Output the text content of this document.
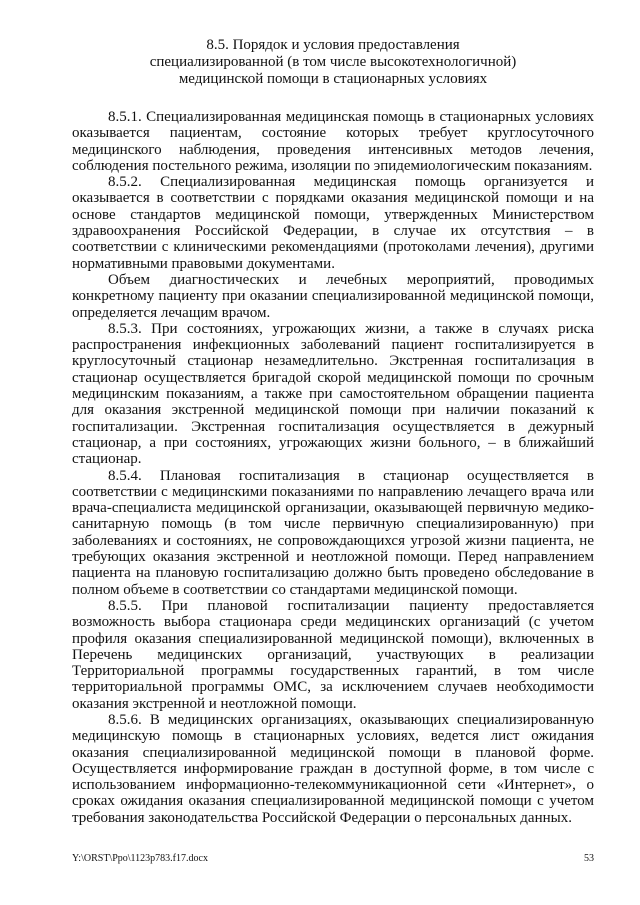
8.5. Порядок и условия предоставления
специализированной (в том числе высокотехнологичной)
медицинской помощи в стационарных условиях

8.5.1. Специализированная медицинская помощь в стационарных условиях оказывается пациентам, состояние которых требует круглосуточного медицинского наблюдения, проведения интенсивных методов лечения, соблюдения постельного режима, изоляции по эпидемиологическим показаниям.

8.5.2. Специализированная медицинская помощь организуется и оказывается в соответствии с порядками оказания медицинской помощи и на основе стандартов медицинской помощи, утвержденных Министерством здравоохранения Российской Федерации, в случае их отсутствия – в соответствии с клиническими рекомендациями (протоколами лечения), другими нормативными правовыми документами.

Объем диагностических и лечебных мероприятий, проводимых конкретному пациенту при оказании специализированной медицинской помощи, определяется лечащим врачом.

8.5.3. При состояниях, угрожающих жизни, а также в случаях риска распространения инфекционных заболеваний пациент госпитализируется в круглосуточный стационар незамедлительно. Экстренная госпитализация в стационар осуществляется бригадой скорой медицинской помощи по срочным медицинским показаниям, а также при самостоятельном обращении пациента для оказания экстренной медицинской помощи при наличии показаний к госпитализации. Экстренная госпитализация осуществляется в дежурный стационар, а при состояниях, угрожающих жизни больного, – в ближайший стационар.

8.5.4. Плановая госпитализация в стационар осуществляется в соответствии с медицинскими показаниями по направлению лечащего врача или врача-специалиста медицинской организации, оказывающей первичную медико-санитарную помощь (в том числе первичную специализированную) при заболеваниях и состояниях, не сопровождающихся угрозой жизни пациента, не требующих оказания экстренной и неотложной помощи. Перед направлением пациента на плановую госпитализацию должно быть проведено обследование в полном объеме в соответствии со стандартами медицинской помощи.

8.5.5. При плановой госпитализации пациенту предоставляется возможность выбора стационара среди медицинских организаций (с учетом профиля оказания специализированной медицинской помощи), включенных в Перечень медицинских организаций, участвующих в реализации Территориальной программы государственных гарантий, в том числе территориальной программы ОМС, за исключением случаев необходимости оказания экстренной и неотложной помощи.

8.5.6. В медицинских организациях, оказывающих специализированную медицинскую помощь в стационарных условиях, ведется лист ожидания оказания специализированной медицинской помощи в плановой форме. Осуществляется информирование граждан в доступной форме, в том числе с использованием информационно-телекоммуникационной сети «Интернет», о сроках ожидания оказания специализированной медицинской помощи с учетом требования законодательства Российской Федерации о персональных данных.

Y:\ORST\Ppo\1123p783.f17.docx	53
